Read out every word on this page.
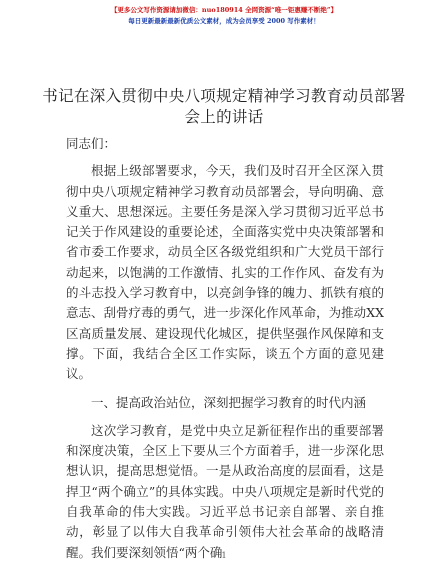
【更多公文写作资源请加微信：nuo180914 全网资源“唯一钜惠赚不断绝”】
每日更新最新最新优质公文素材，成为会员享受 2000 写作素材！
书记在深入贯彻中央八项规定精神学习教育动员部署会上的讲话

同志们：

根据上级部署要求，今天，我们及时召开全区深入贯彻中央八项规定精神学习教育动员部署会，导向明确、意义重大、思想深远。主要任务是深入学习贯彻习近平总书记关于作风建设的重要论述，全面落实党中央决策部署和省市委工作要求，动员全区各级党组织和广大党员干部行动起来，以饱满的工作激情、扎实的工作作风、奋发有为的斗志投入学习教育中，以亮剑争锋的魄力、抓铁有痕的意志、刮骨疗毒的勇气，进一步深化作风革命，为推动XX区高质量发展、建设现代化城区，提供坚强作风保障和支撑。下面，我结合全区工作实际，谈五个方面的意见建议。

一、提高政治站位，深刻把握学习教育的时代内涵

这次学习教育，是党中央立足新征程作出的重要部署和深度决策，全区上下要从三个方面着手，进一步深化思想认识，提高思想觉悟。一是从政治高度的层面看，这是捍卫“两个确立”的具体实践。中央八项规定是新时代党的自我革命的伟大实践。习近平总书记亲自部署、亲自推动，彰显了以伟大自我革命引领伟大社会革命的战略清醒。我们要深刻领悟“两个确 1
